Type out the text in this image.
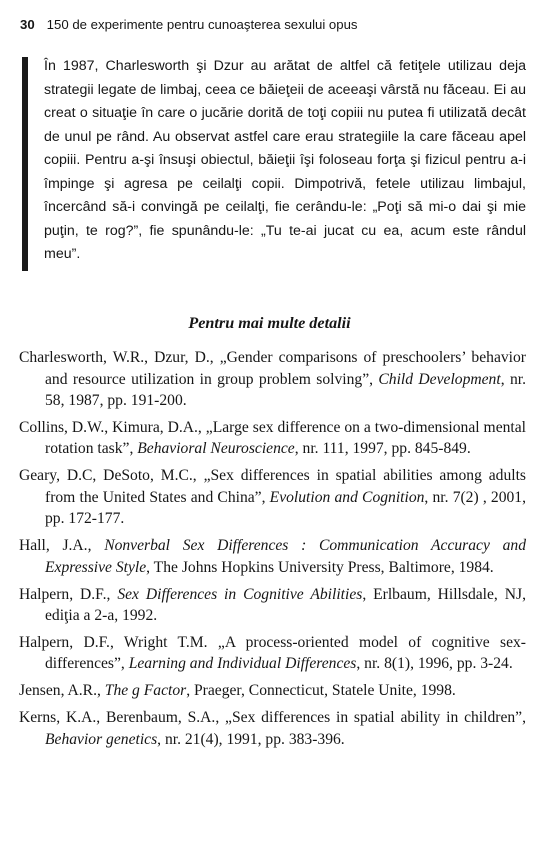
30 150 de experimente pentru cunoaşterea sexului opus

În 1987, Charlesworth şi Dzur au arătat de altfel că fetiţele utilizau deja strategii legate de limbaj, ceea ce băieţeii de aceeaşi vârstă nu făceau. Ei au creat o situaţie în care o jucărie dorită de toţi copiii nu putea fi utilizată decât de unul pe rând. Au observat astfel care erau strategiile la care făceau apel copiii. Pentru a-şi însuşi obiectul, băieţii îşi foloseau forţa şi fizicul pentru a-i împinge şi agresa pe ceilalţi copii. Dimpotrivă, fetele utilizau limbajul, încercând să-i convingă pe ceilalţi, fie cerându-le: „Poţi să mi-o dai şi mie puţin, te rog?”, fie spunându-le: „Tu te-ai jucat cu ea, acum este rândul meu”.

Pentru mai multe detalii
Charlesworth, W.R., Dzur, D., „Gender comparisons of preschoolers’ behavior and resource utilization in group problem solving”, Child Development, nr. 58, 1987, pp. 191-200.
Collins, D.W., Kimura, D.A., „Large sex difference on a two-dimensional mental rotation task”, Behavioral Neuroscience, nr. 111, 1997, pp. 845-849.
Geary, D.C, DeSoto, M.C., „Sex differences in spatial abilities among adults from the United States and China”, Evolution and Cognition, nr. 7(2) , 2001, pp. 172-177.
Hall, J.A., Nonverbal Sex Differences : Communication Accuracy and Expressive Style, The Johns Hopkins University Press, Baltimore, 1984.
Halpern, D.F., Sex Differences in Cognitive Abilities, Erlbaum, Hillsdale, NJ, ediţia a 2-a, 1992.
Halpern, D.F., Wright T.M. „A process-oriented model of cognitive sex-differences”, Learning and Individual Differences, nr. 8(1), 1996, pp. 3-24.
Jensen, A.R., The g Factor, Praeger, Connecticut, Statele Unite, 1998.
Kerns, K.A., Berenbaum, S.A., „Sex differences in spatial ability in children”, Behavior genetics, nr. 21(4), 1991, pp. 383-396.
